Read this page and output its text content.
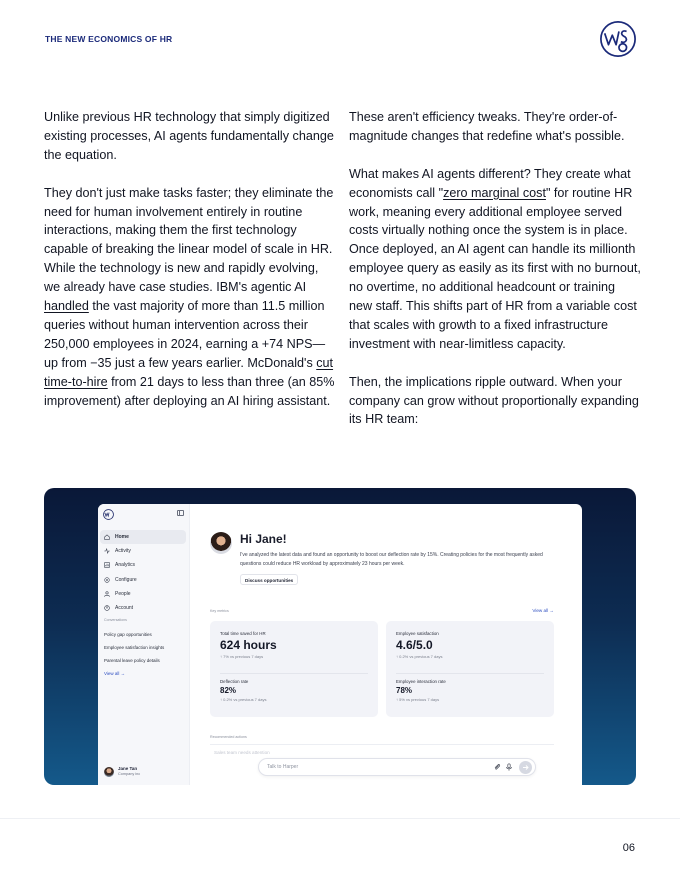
THE NEW ECONOMICS OF HR

Unlike previous HR technology that simply digitized existing processes, AI agents fundamentally change the equation.

They don't just make tasks faster; they eliminate the need for human involvement entirely in routine interactions, making them the first technology capable of breaking the linear model of scale in HR. While the technology is new and rapidly evolving, we already have case studies. IBM's agentic AI handled the vast majority of more than 11.5 million queries without human intervention across their 250,000 employees in 2024, earning a +74 NPS—up from −35 just a few years earlier. McDonald's cut time-to-hire from 21 days to less than three (an 85% improvement) after deploying an AI hiring assistant.

These aren't efficiency tweaks. They're order-of-magnitude changes that redefine what's possible.

What makes AI agents different? They create what economists call "zero marginal cost" for routine HR work, meaning every additional employee served costs virtually nothing once the system is in place. Once deployed, an AI agent can handle its millionth employee query as easily as its first with no burnout, no overtime, no additional headcount or training new staff. This shifts part of HR from a variable cost that scales with growth to a fixed infrastructure investment with near-limitless capacity.

Then, the implications ripple outward. When your company can grow without proportionally expanding its HR team:

Home
Activity
Analytics
Configure
People
Account
Conversations
Policy gap opportunities
Employee satisfaction insights
Parental leave policy details
View all →
Jane Tan
Company inc
Hi Jane!
I've analyzed the latest data and found an opportunity to boost our deflection rate by 15%. Creating policies for the most frequently asked questions could reduce HR workload by approximately 23 hours per week.
Discuss opportunities
Key metrics	View all →
Total time saved for HR
624 hours
↑ 7% vs previous 7 days
Deflection rate
82%
↑ 0.2% vs previous 7 days
Employee satisfaction
4.6/5.0
↑ 0.2% vs previous 7 days
Employee interaction rate
78%
↑ 5% vs previous 7 days
Recommended actions
Sales team needs attention
Talk to Harper
06
